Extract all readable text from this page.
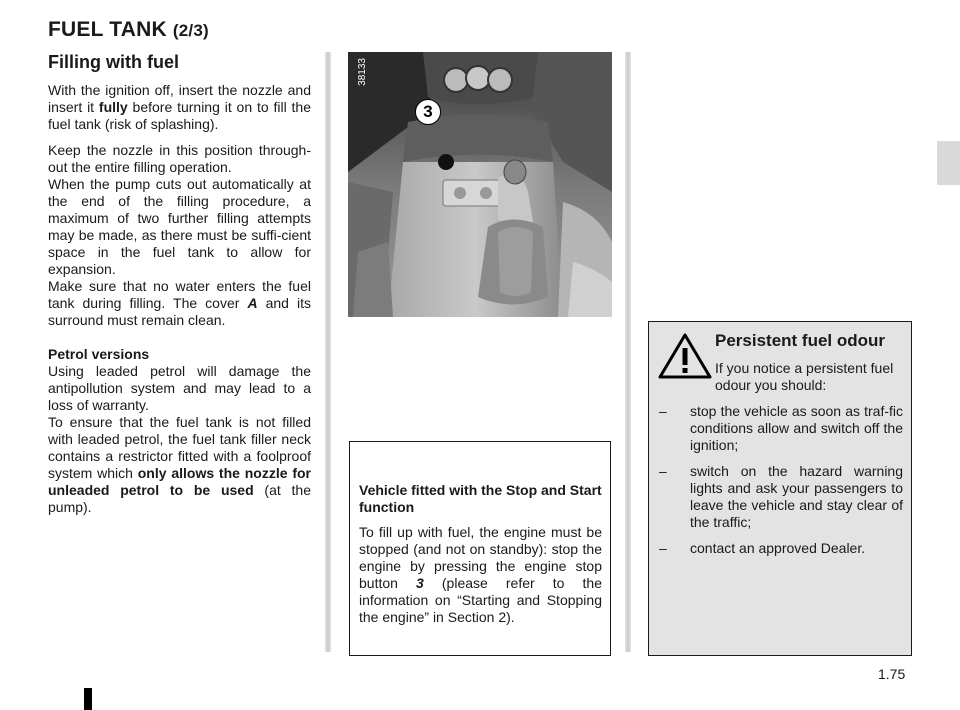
FUEL TANK (2/3)
Filling with fuel

With the ignition off, insert the nozzle and insert it fully before turning it on to fill the fuel tank (risk of splashing).

Keep the nozzle in this position through-out the entire filling operation.
When the pump cuts out automatically at the end of the filling procedure, a maximum of two further filling attempts may be made, as there must be suffi-cient space in the fuel tank to allow for expansion.
Make sure that no water enters the fuel tank during filling. The cover A and its surround must remain clean.

Petrol versions
Using leaded petrol will damage the antipollution system and may lead to a loss of warranty.
To ensure that the fuel tank is not filled with leaded petrol, the fuel tank filler neck contains a restrictor fitted with a foolproof system which only allows the nozzle for unleaded petrol to be used (at the pump).

38133
3
Vehicle fitted with the Stop and Start function

To fill up with fuel, the engine must be stopped (and not on standby): stop the engine by pressing the engine stop button 3 (please refer to the information on “Starting and Stopping the engine” in Section 2).

Persistent fuel odour
If you notice a persistent fuel odour you should:
– stop the vehicle as soon as traf-fic conditions allow and switch off the ignition;
– switch on the hazard warning lights and ask your passengers to leave the vehicle and stay clear of the traffic;
– contact an approved Dealer.
1.75
